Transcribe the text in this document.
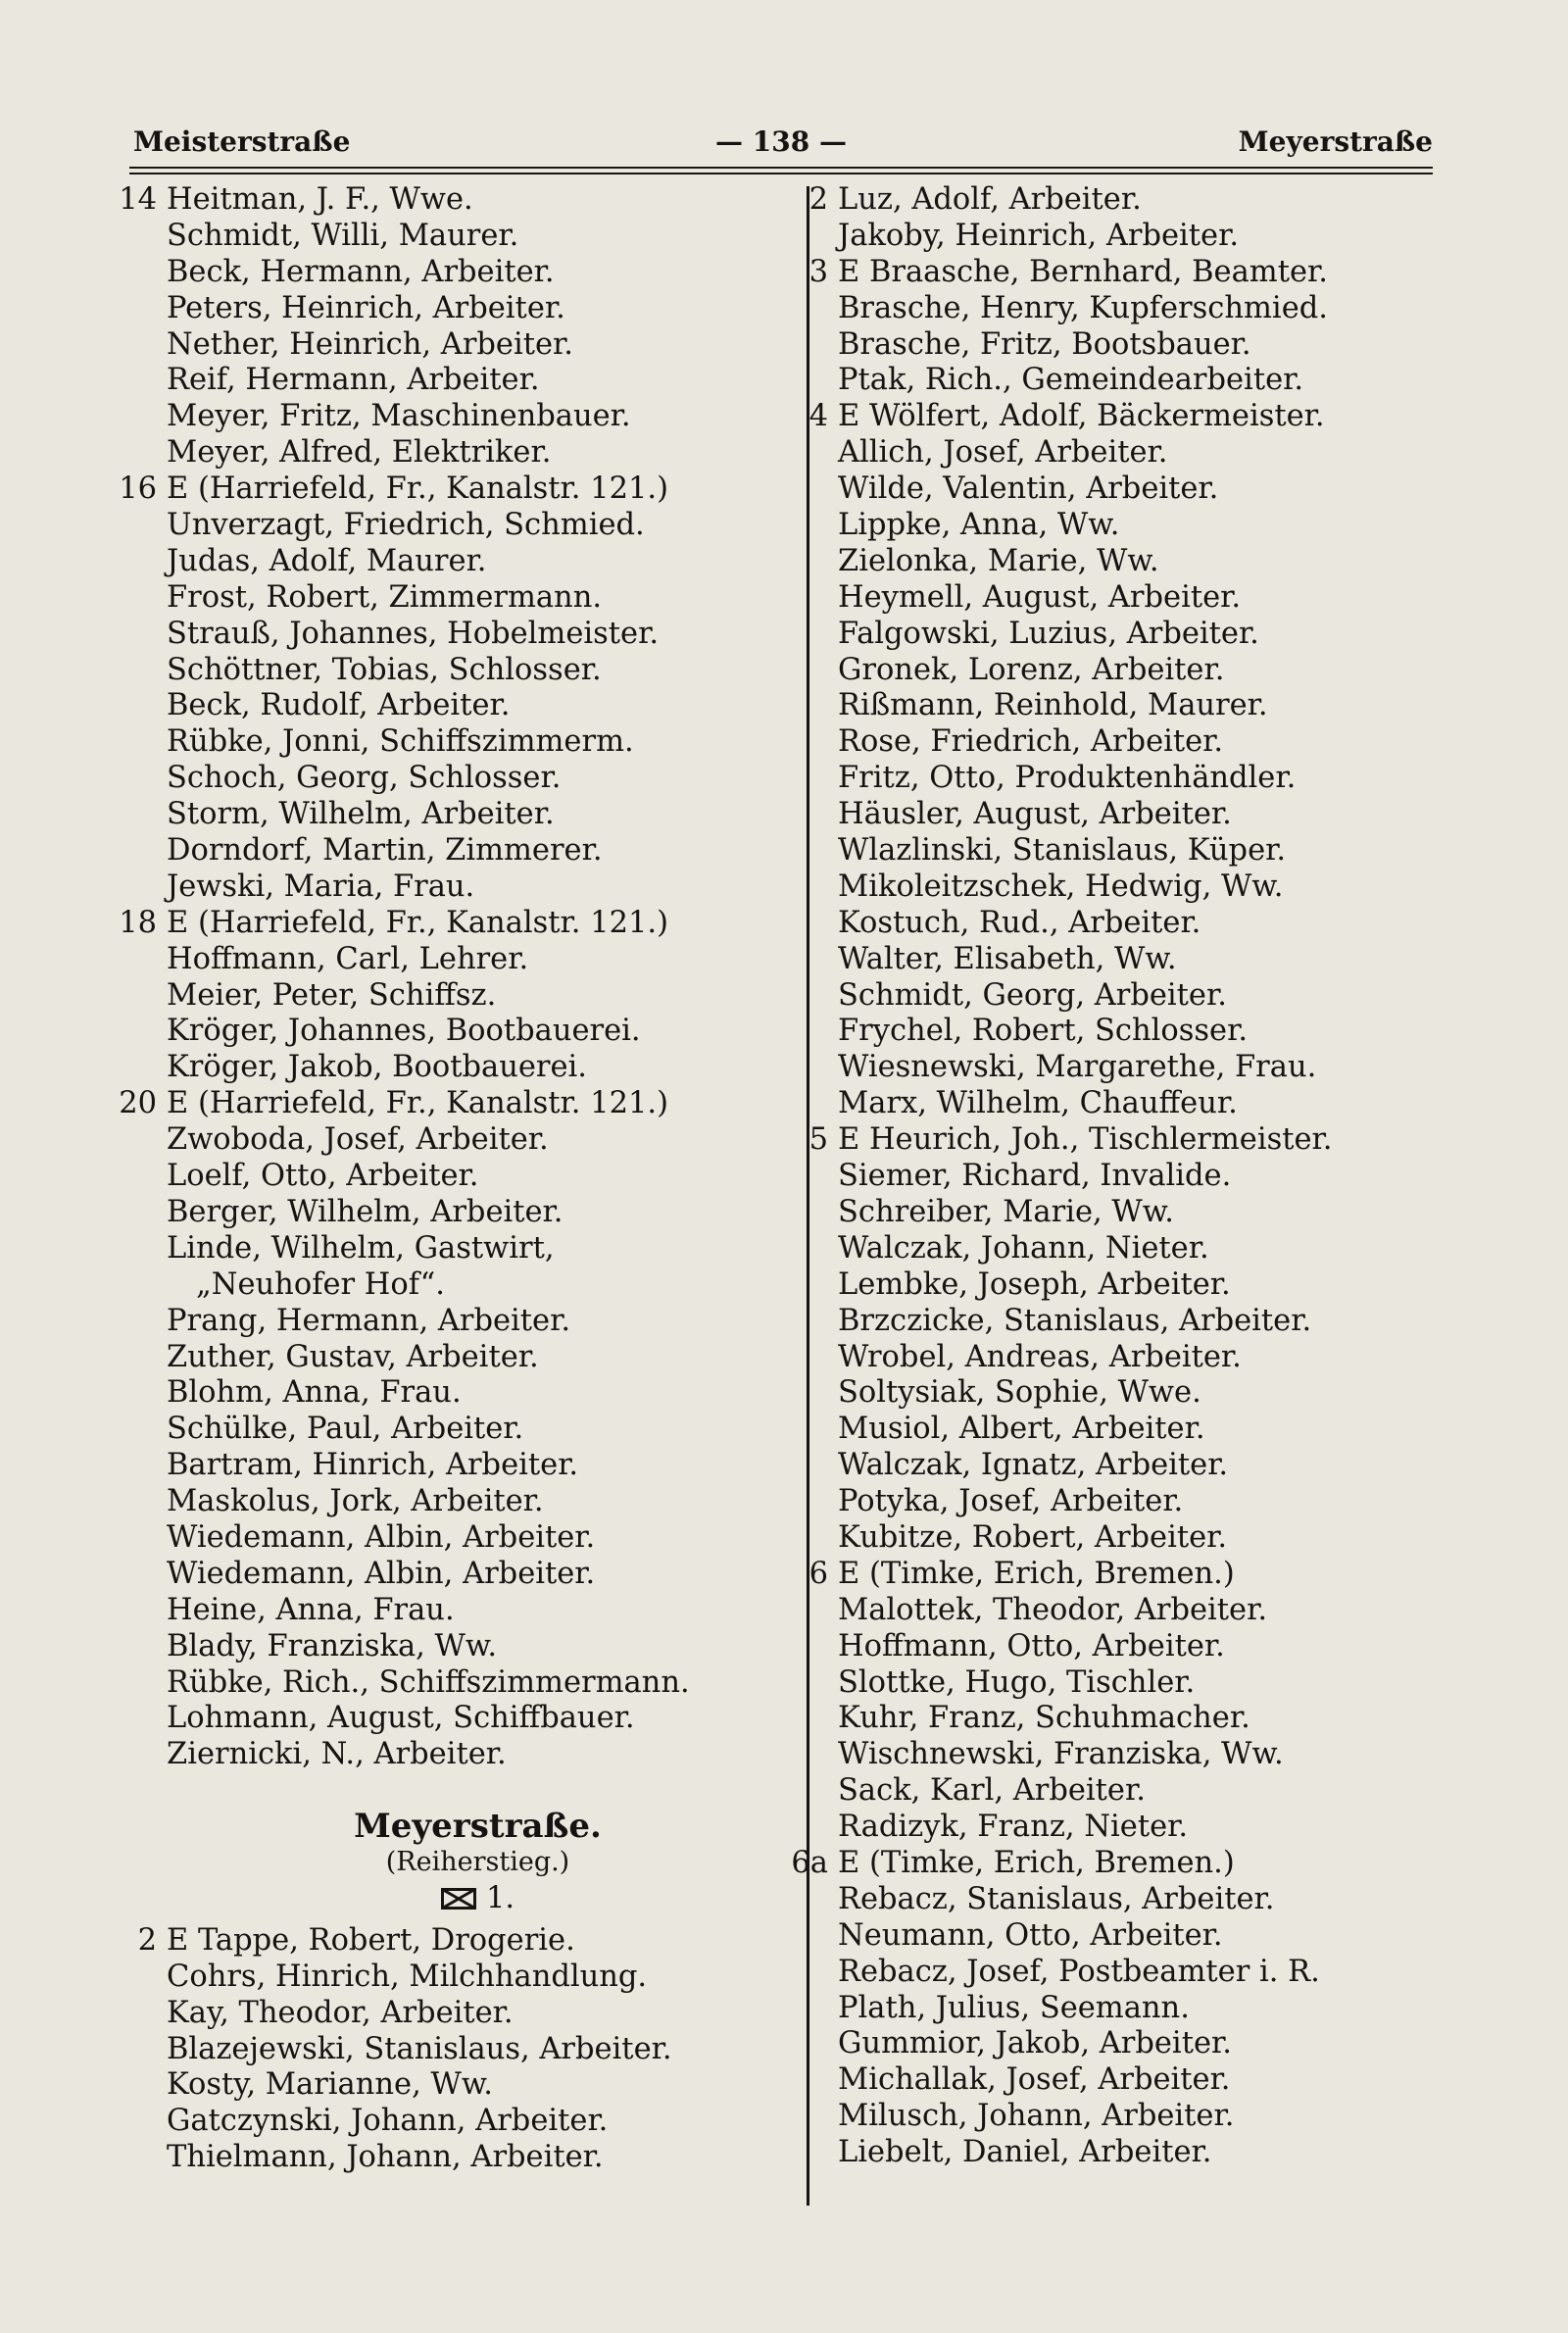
Meisterstraße	— 138 —	Meyerstraße
14 Heitman, J. F., Wwe.
Schmidt, Willi, Maurer.
Beck, Hermann, Arbeiter.
Peters, Heinrich, Arbeiter.
Nether, Heinrich, Arbeiter.
Reif, Hermann, Arbeiter.
Meyer, Fritz, Maschinenbauer.
Meyer, Alfred, Elektriker.
16 E (Harriefeld, Fr., Kanalstr. 121.)
Unverzagt, Friedrich, Schmied.
Judas, Adolf, Maurer.
Frost, Robert, Zimmermann.
Strauß, Johannes, Hobelmeister.
Schöttner, Tobias, Schlosser.
Beck, Rudolf, Arbeiter.
Rübke, Jonni, Schiffszimmerm.
Schoch, Georg, Schlosser.
Storm, Wilhelm, Arbeiter.
Dorndorf, Martin, Zimmerer.
Jewski, Maria, Frau.
18 E (Harriefeld, Fr., Kanalstr. 121.)
Hoffmann, Carl, Lehrer.
Meier, Peter, Schiffsz.
Kröger, Johannes, Bootbauerei.
Kröger, Jakob, Bootbauerei.
20 E (Harriefeld, Fr., Kanalstr. 121.)
Zwoboda, Josef, Arbeiter.
Loelf, Otto, Arbeiter.
Berger, Wilhelm, Arbeiter.
Linde, Wilhelm, Gastwirt,
„Neuhofer Hof“.
Prang, Hermann, Arbeiter.
Zuther, Gustav, Arbeiter.
Blohm, Anna, Frau.
Schülke, Paul, Arbeiter.
Bartram, Hinrich, Arbeiter.
Maskolus, Jork, Arbeiter.
Wiedemann, Albin, Arbeiter.
Wiedemann, Albin, Arbeiter.
Heine, Anna, Frau.
Blady, Franziska, Ww.
Rübke, Rich., Schiffszimmermann.
Lohmann, August, Schiffbauer.
Ziernicki, N., Arbeiter.
Meyerstraße.
(Reiherstieg.)
1.
2 E Tappe, Robert, Drogerie.
Cohrs, Hinrich, Milchhandlung.
Kay, Theodor, Arbeiter.
Blazejewski, Stanislaus, Arbeiter.
Kosty, Marianne, Ww.
Gatczynski, Johann, Arbeiter.
Thielmann, Johann, Arbeiter.
2 Luz, Adolf, Arbeiter.
Jakoby, Heinrich, Arbeiter.
3 E Braasche, Bernhard, Beamter.
Brasche, Henry, Kupferschmied.
Brasche, Fritz, Bootsbauer.
Ptak, Rich., Gemeindearbeiter.
4 E Wölfert, Adolf, Bäckermeister.
Allich, Josef, Arbeiter.
Wilde, Valentin, Arbeiter.
Lippke, Anna, Ww.
Zielonka, Marie, Ww.
Heymell, August, Arbeiter.
Falgowski, Luzius, Arbeiter.
Gronek, Lorenz, Arbeiter.
Rißmann, Reinhold, Maurer.
Rose, Friedrich, Arbeiter.
Fritz, Otto, Produktenhändler.
Häusler, August, Arbeiter.
Wlazlinski, Stanislaus, Küper.
Mikoleitzschek, Hedwig, Ww.
Kostuch, Rud., Arbeiter.
Walter, Elisabeth, Ww.
Schmidt, Georg, Arbeiter.
Frychel, Robert, Schlosser.
Wiesnewski, Margarethe, Frau.
Marx, Wilhelm, Chauffeur.
5 E Heurich, Joh., Tischlermeister.
Siemer, Richard, Invalide.
Schreiber, Marie, Ww.
Walczak, Johann, Nieter.
Lembke, Joseph, Arbeiter.
Brzczicke, Stanislaus, Arbeiter.
Wrobel, Andreas, Arbeiter.
Soltysiak, Sophie, Wwe.
Musiol, Albert, Arbeiter.
Walczak, Ignatz, Arbeiter.
Potyka, Josef, Arbeiter.
Kubitze, Robert, Arbeiter.
6 E (Timke, Erich, Bremen.)
Malottek, Theodor, Arbeiter.
Hoffmann, Otto, Arbeiter.
Slottke, Hugo, Tischler.
Kuhr, Franz, Schuhmacher.
Wischnewski, Franziska, Ww.
Sack, Karl, Arbeiter.
Radizyk, Franz, Nieter.
6a E (Timke, Erich, Bremen.)
Rebacz, Stanislaus, Arbeiter.
Neumann, Otto, Arbeiter.
Rebacz, Josef, Postbeamter i. R.
Plath, Julius, Seemann.
Gummior, Jakob, Arbeiter.
Michallak, Josef, Arbeiter.
Milusch, Johann, Arbeiter.
Liebelt, Daniel, Arbeiter.
